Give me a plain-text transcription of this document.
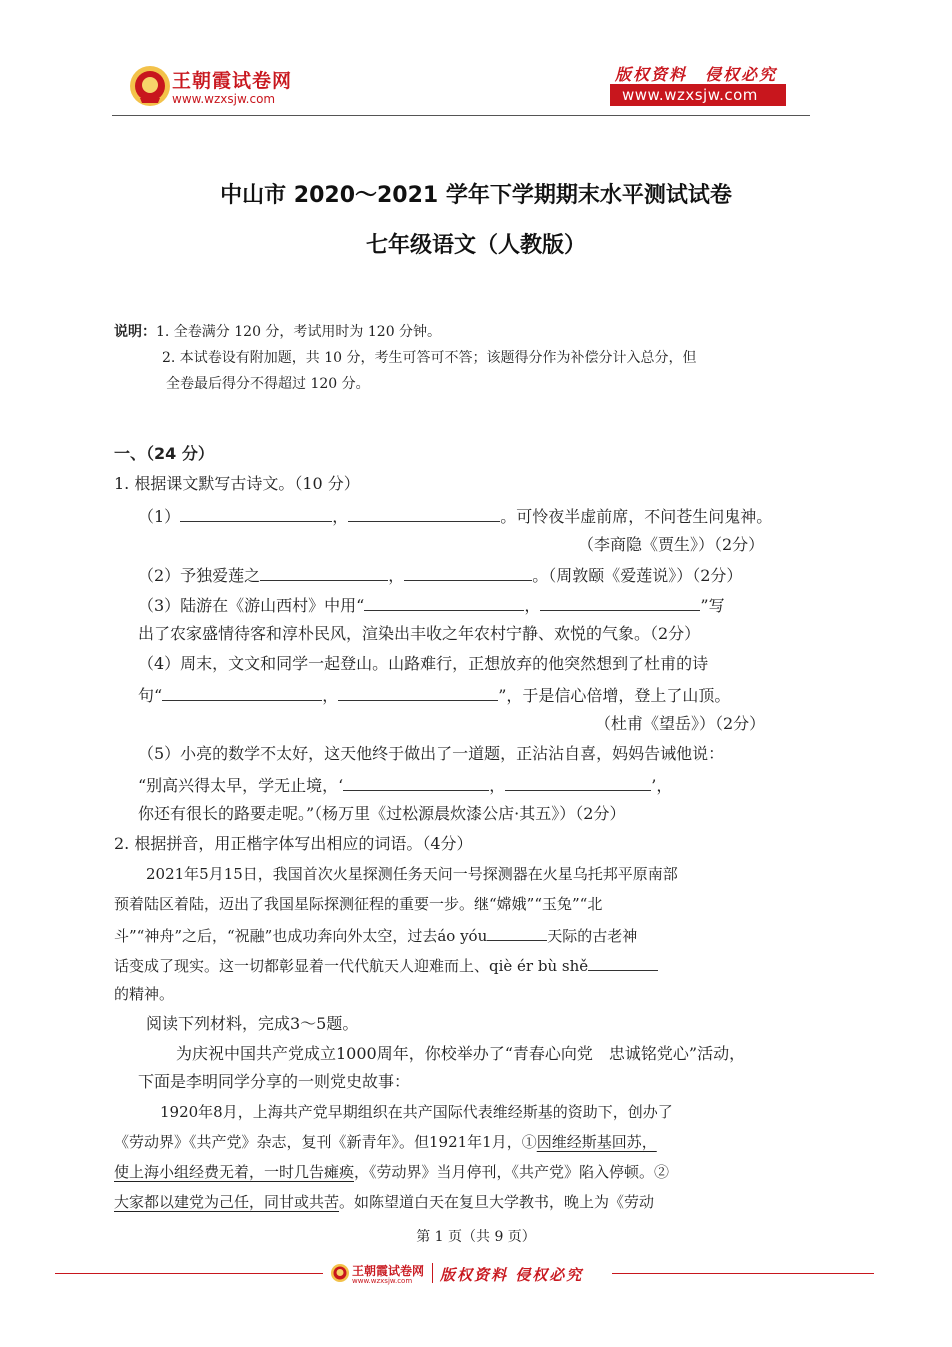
王朝霞试卷网
www.wzxsjw.com
版权资料　侵权必究
www.wzxsjw.com
中山市 2020～2021 学年下学期期末水平测试试卷
七年级语文（人教版）
说明：1. 全卷满分 120 分，考试用时为 120 分钟。
2. 本试卷设有附加题，共 10 分，考生可答可不答；该题得分作为补偿分计入总分，但
全卷最后得分不得超过 120 分。
一、（24 分）
1. 根据课文默写古诗文。（10 分）
（1）	，	。可怜夜半虚前席，不问苍生问鬼神。
（李商隐《贾生》）（2分）
（2）予独爱莲之	，	。（周敦颐《爱莲说》）（2分）
（3）陆游在《游山西村》中用“	，	”写
出了农家盛情待客和淳朴民风，渲染出丰收之年农村宁静、欢悦的气象。（2分）
（4）周末，文文和同学一起登山。山路难行，正想放弃的他突然想到了杜甫的诗
句“	，	”，于是信心倍增，登上了山顶。
（杜甫《望岳》）（2分）
（5）小亮的数学不太好，这天他终于做出了一道题，正沾沾自喜，妈妈告诫他说：
“别高兴得太早，学无止境，‘	，	’，
你还有很长的路要走呢。”（杨万里《过松源晨炊漆公店·其五》）（2分）
2. 根据拼音，用正楷字体写出相应的词语。（4分）
2021年5月15日，我国首次火星探测任务天问一号探测器在火星乌托邦平原南部
预着陆区着陆，迈出了我国星际探测征程的重要一步。继“嫦娥”“玉兔”“北
斗”“神舟”之后，“祝融”也成功奔向外太空，过去áo yóu	天际的古老神
话变成了现实。这一切都彰显着一代代航天人迎难而上、qiè ér bù shě
的精神。
阅读下列材料，完成3～5题。
为庆祝中国共产党成立1000周年，你校举办了“青春心向党　忠诚铭党心”活动，
下面是李明同学分享的一则党史故事：
1920年8月，上海共产党早期组织在共产国际代表维经斯基的资助下，创办了
《劳动界》《共产党》杂志，复刊《新青年》。但1921年1月，①因维经斯基回苏，
使上海小组经费无着，一时几告瘫痪，《劳动界》当月停刊，《共产党》陷入停顿。②
大家都以建党为己任，同甘或共苦。如陈望道白天在复旦大学教书，晚上为《劳动
第 1 页（共 9 页）
王朝霞试卷网
www.wzxsjw.com 版权资料 侵权必究
